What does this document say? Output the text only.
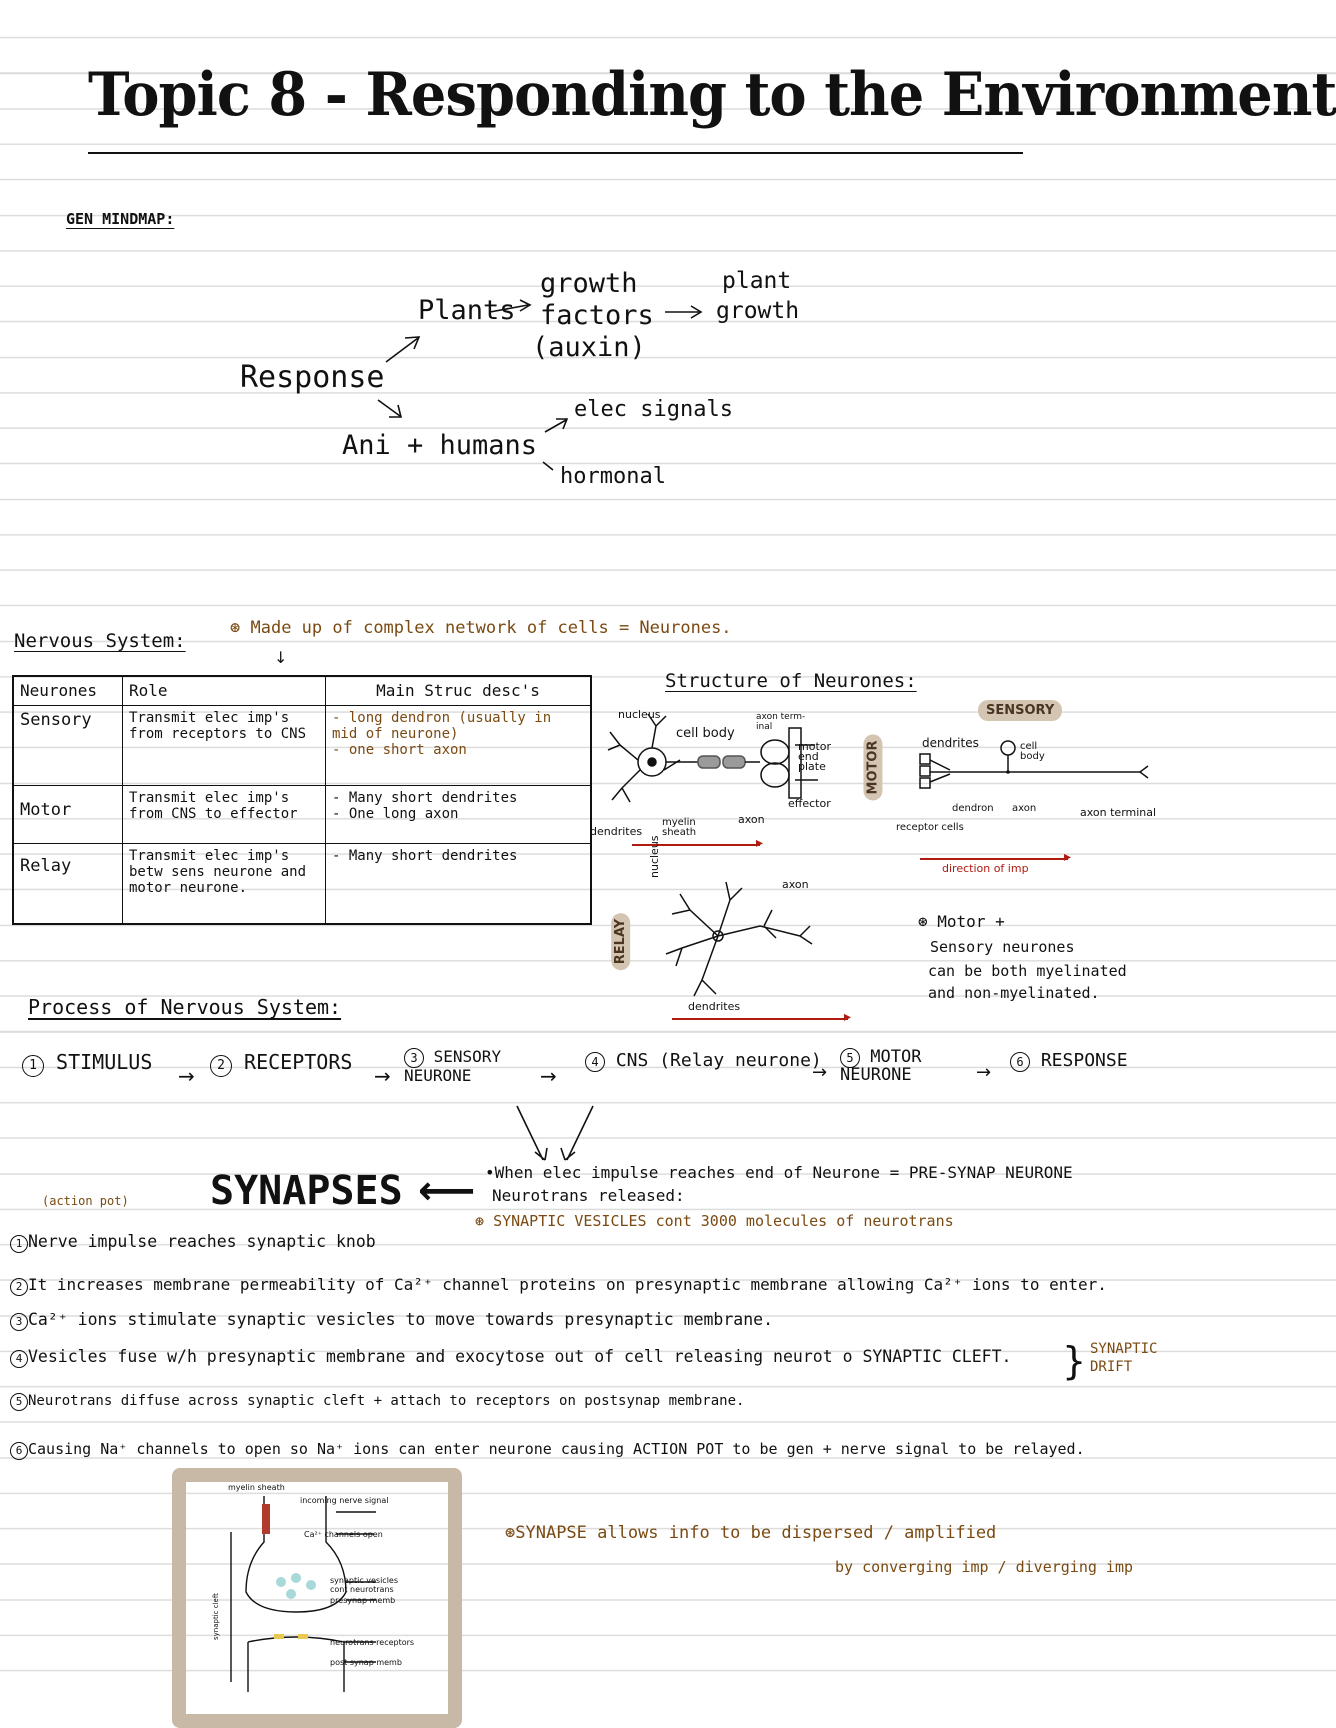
Topic 8 - Responding to the Environment
GEN MINDMAP:
Response
Plants
growth
factors
(auxin)
plant
growth
Ani + humans
elec signals
hormonal
Nervous System:
⊛ Made up of complex network of cells = Neurones.
↓
Neurones	Role	Main Struc desc's
Sensory	Transmit elec imp's from receptors to CNS	- long dendron (usually in mid of neurone)
- one short axon
Motor	Transmit elec imp's from CNS to effector	- Many short dendrites
- One long axon
Relay	Transmit elec imp's betw sens neurone and motor neurone.	- Many short dendrites
Structure of Neurones:
nucleus
cell body
axon term-inal
motor end plate
effector
dendrites
myelin sheath
axon
MOTOR
▸
SENSORY
dendrites	cell body
dendron axon	axon terminal
receptor cells
▸
direction of imp
RELAY
nucleus
axon
dendrites
▸
⊛ Motor +
Sensory neurones
can be both myelinated
and non-myelinated.
Process of Nervous System:
1 STIMULUS
→	2 RECEPTORS
→
3 SENSORY NEURONE	→
4 CNS (Relay neurone)
→
5 MOTOR NEURONE	→	6 RESPONSE
SYNAPSES ⟵
(action pot)
•When elec impulse reaches end of Neurone = PRE-SYNAP NEURONE
Neurotrans released:
⊛ SYNAPTIC VESICLES cont 3000 molecules of neurotrans
1 Nerve impulse reaches synaptic knob
2 It increases membrane permeability of Ca²⁺ channel proteins on presynaptic membrane allowing Ca²⁺ ions to enter.
3 Ca²⁺ ions stimulate synaptic vesicles to move towards presynaptic membrane.
4 Vesicles fuse w/h presynaptic membrane and exocytose out of cell releasing neurot o SYNAPTIC CLEFT. } SYNAPTIC
DRIFT
5 Neurotrans diffuse across synaptic cleft + attach to receptors on postsynap membrane.
6 Causing Na⁺ channels to open so Na⁺ ions can enter neurone causing ACTION POT to be gen + nerve signal to be relayed.
myelin sheath
incoming nerve signal
Ca²⁺ channels open
synaptic vesicles cont neurotrans
presynap memb
neurotrans receptors
post synap memb
synaptic cleft
⊛SYNAPSE allows info to be dispersed / amplified
by converging imp / diverging imp
